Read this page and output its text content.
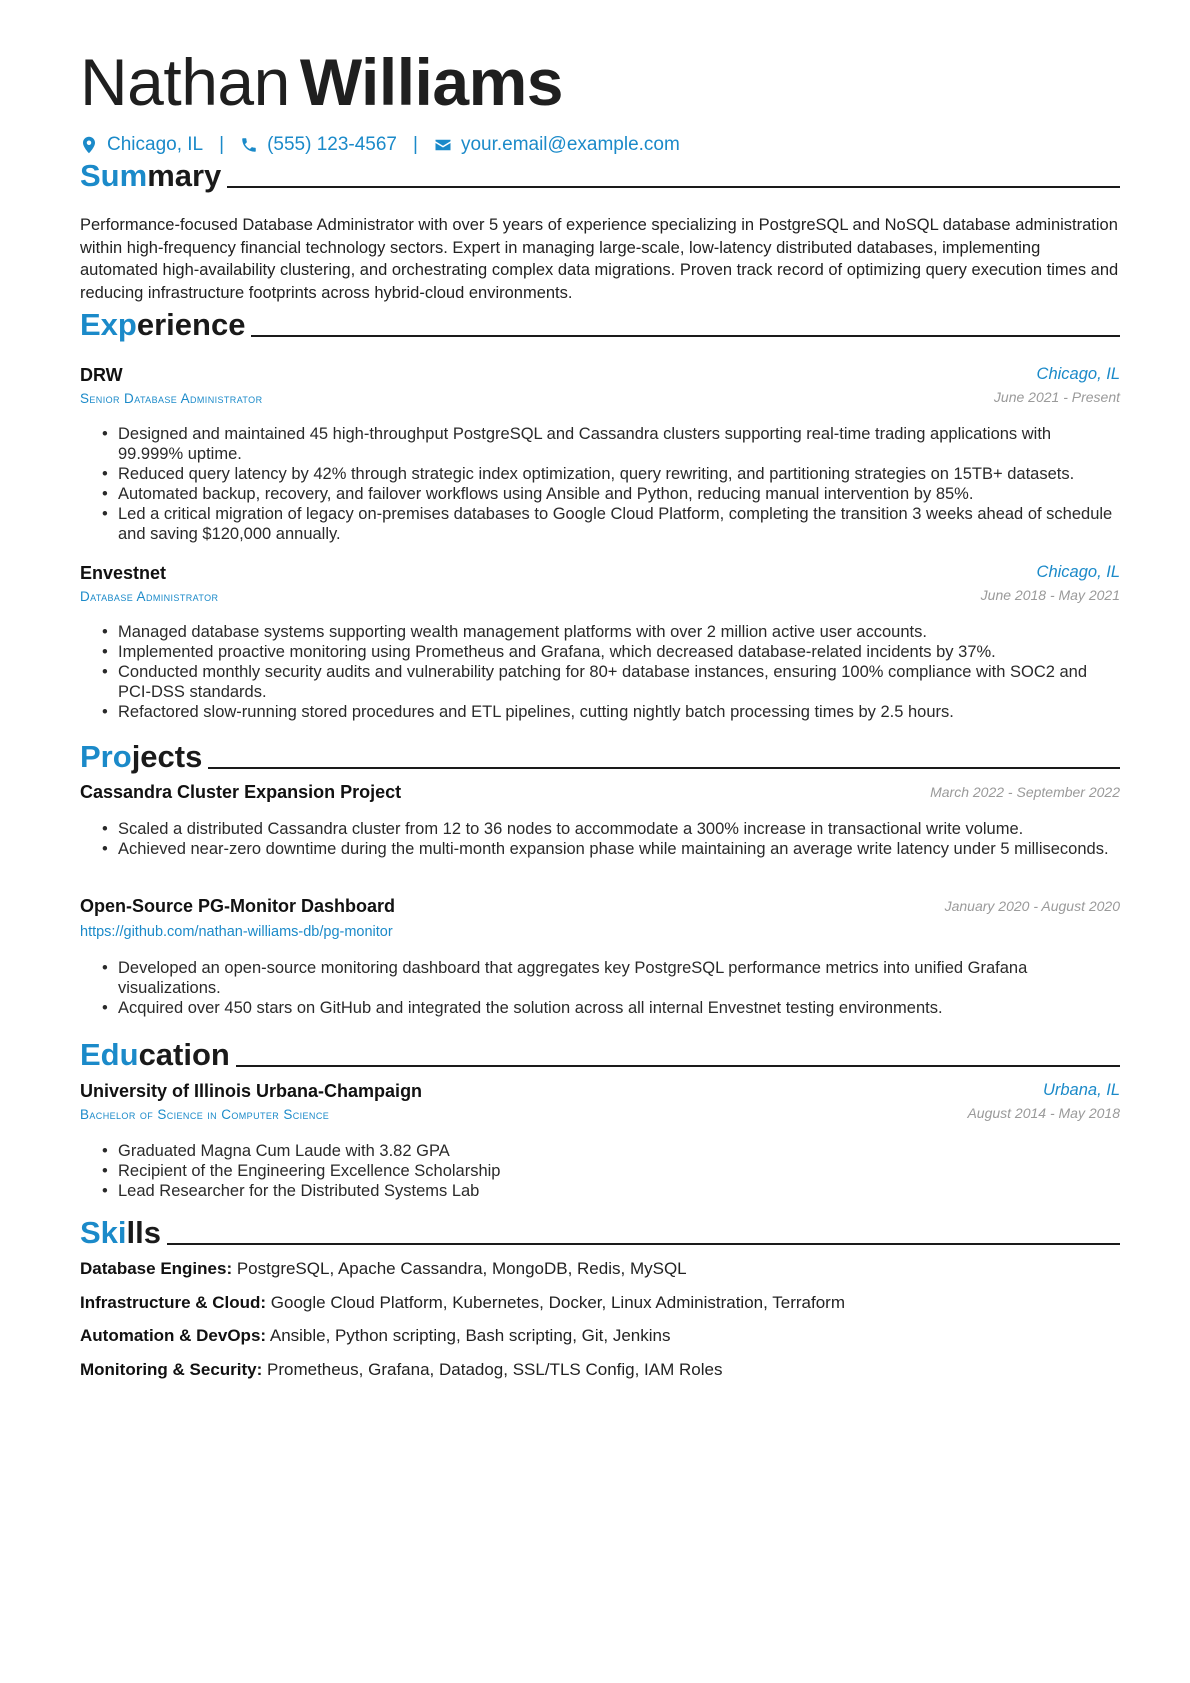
Nathan Williams
Chicago, IL | (555) 123-4567 | your.email@example.com
Summary
Performance-focused Database Administrator with over 5 years of experience specializing in PostgreSQL and NoSQL database administration within high-frequency financial technology sectors. Expert in managing large-scale, low-latency distributed databases, implementing automated high-availability clustering, and orchestrating complex data migrations. Proven track record of optimizing query execution times and reducing infrastructure footprints across hybrid-cloud environments.
Experience
DRW	Chicago, IL
Senior Database Administrator	June 2021 - Present
• Designed and maintained 45 high-throughput PostgreSQL and Cassandra clusters supporting real-time trading applications with 99.999% uptime.
• Reduced query latency by 42% through strategic index optimization, query rewriting, and partitioning strategies on 15TB+ datasets.
• Automated backup, recovery, and failover workflows using Ansible and Python, reducing manual intervention by 85%.
• Led a critical migration of legacy on-premises databases to Google Cloud Platform, completing the transition 3 weeks ahead of schedule and saving $120,000 annually.
Envestnet	Chicago, IL
Database Administrator	June 2018 - May 2021
• Managed database systems supporting wealth management platforms with over 2 million active user accounts.
• Implemented proactive monitoring using Prometheus and Grafana, which decreased database-related incidents by 37%.
• Conducted monthly security audits and vulnerability patching for 80+ database instances, ensuring 100% compliance with SOC2 and PCI-DSS standards.
• Refactored slow-running stored procedures and ETL pipelines, cutting nightly batch processing times by 2.5 hours.
Projects
Cassandra Cluster Expansion Project	March 2022 - September 2022
• Scaled a distributed Cassandra cluster from 12 to 36 nodes to accommodate a 300% increase in transactional write volume.
• Achieved near-zero downtime during the multi-month expansion phase while maintaining an average write latency under 5 milliseconds.
Open-Source PG-Monitor Dashboard	January 2020 - August 2020
https://github.com/nathan-williams-db/pg-monitor
• Developed an open-source monitoring dashboard that aggregates key PostgreSQL performance metrics into unified Grafana visualizations.
• Acquired over 450 stars on GitHub and integrated the solution across all internal Envestnet testing environments.
Education
University of Illinois Urbana-Champaign	Urbana, IL
Bachelor of Science in Computer Science	August 2014 - May 2018
• Graduated Magna Cum Laude with 3.82 GPA
• Recipient of the Engineering Excellence Scholarship
• Lead Researcher for the Distributed Systems Lab
Skills
Database Engines: PostgreSQL, Apache Cassandra, MongoDB, Redis, MySQL
Infrastructure & Cloud: Google Cloud Platform, Kubernetes, Docker, Linux Administration, Terraform
Automation & DevOps: Ansible, Python scripting, Bash scripting, Git, Jenkins
Monitoring & Security: Prometheus, Grafana, Datadog, SSL/TLS Config, IAM Roles
